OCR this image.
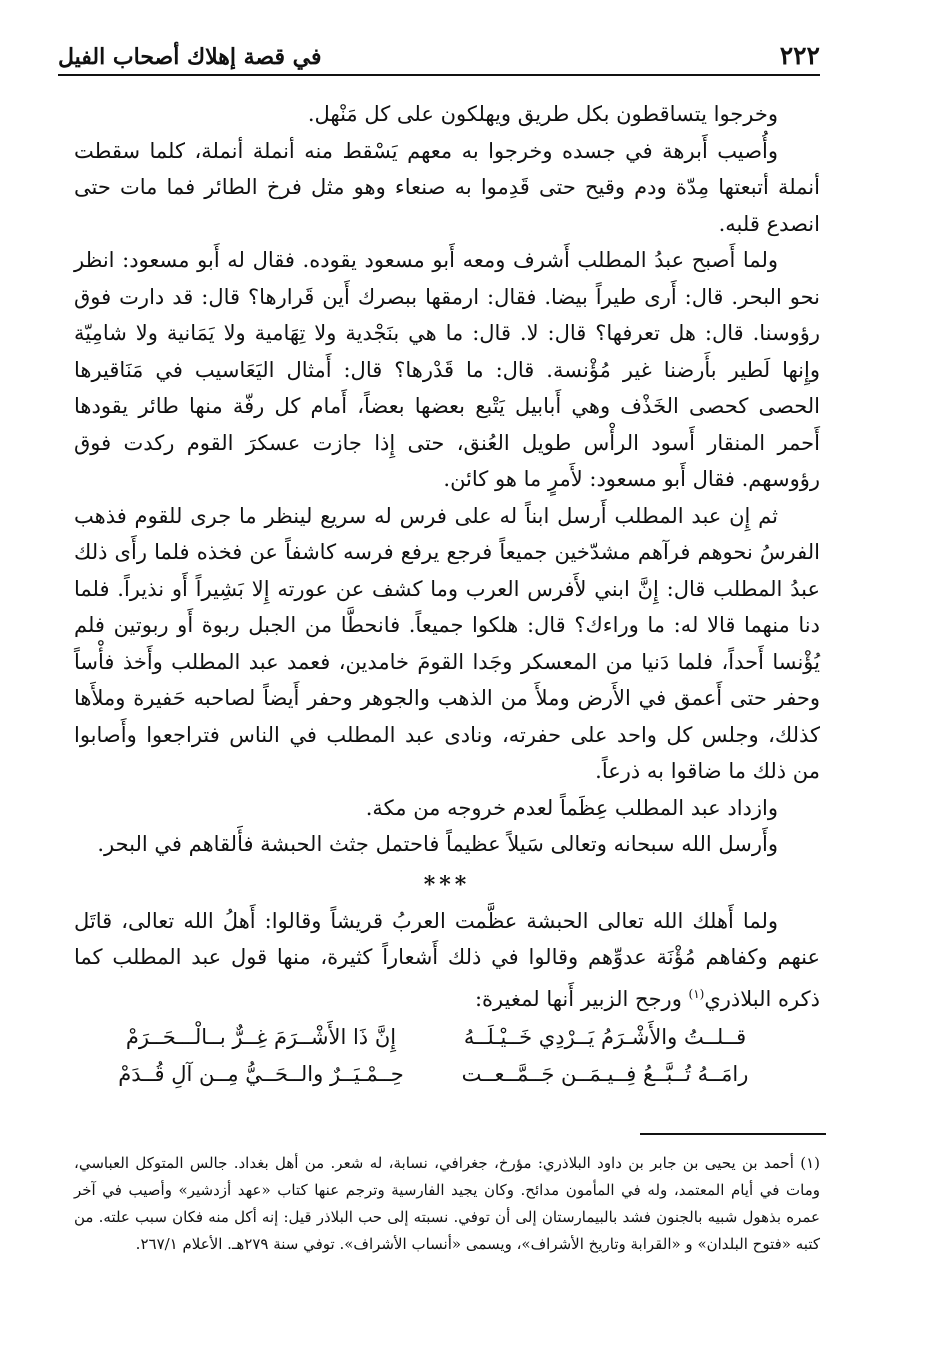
٢٢٢
في قصة إهلاك أصحاب الفيل

وخرجوا يتساقطون بكل طريق ويهلكون على كل مَنْهل.

وأُصيب أَبرهة في جسده وخرجوا به معهم يَسْقط منه أنملة أنملة، كلما سقطت أنملة أتبعتها مِدّة ودم وقيح حتى قَدِموا به صنعاء وهو مثل فرخ الطائر فما مات حتى انصدع قلبه.

ولما أَصبح عبدُ المطلب أَشرف ومعه أَبو مسعود يقوده. فقال له أَبو مسعود: انظر نحو البحر. قال: أَرى طيراً بيضا. فقال: ارمقها ببصرك أَين قَرارها؟ قال: قد دارت فوق رؤوسنا. قال: هل تعرفها؟ قال: لا. قال: ما هي بنَجْدية ولا تِهَامية ولا يَمَانية ولا شامِيّة وإِنها لَطير بأَرضنا غير مُؤْنسة. قال: ما قَدْرها؟ قال: أَمثال اليَعَاسيب في مَنَاقيرها الحصى كحصى الخَذْف وهي أَبابيل يَتْبع بعضها بعضاً، أَمام كل رفّة منها طائر يقودها أَحمر المنقار أَسود الرأْس طويل العُنق، حتى إِذا جازت عسكرَ القوم ركدت فوق رؤوسهم. فقال أَبو مسعود: لأَمرٍ ما هو كائن.

ثم إِن عبد المطلب أَرسل ابناً له على فرس له سريع لينظر ما جرى للقوم فذهب الفرسُ نحوهم فرآهم مشدّخين جميعاً فرجع يرفع فرسه كاشفاً عن فخذه فلما رأَى ذلك عبدُ المطلب قال: إِنَّ ابني لأَفرس العرب وما كشف عن عورته إِلا بَشِيراً أَو نذيراً. فلما دنا منهما قالا له: ما وراءك؟ قال: هلكوا جميعاً. فانحطَّا من الجبل ربوة أَو ربوتين فلم يُؤْنسا أَحداً، فلما دَنيا من المعسكر وجَدا القومَ خامدين، فعمد عبد المطلب وأَخذ فأْساً وحفر حتى أَعمق في الأَرض وملأَ من الذهب والجوهر وحفر أَيضاً لصاحبه حَفيرة وملأَها كذلك، وجلس كل واحد على حفرته، ونادى عبد المطلب في الناس فتراجعوا وأَصابوا من ذلك ما ضاقوا به ذرعاً.

وازداد عبد المطلب عِظَماً لعدم خروجه من مكة.

وأَرسل الله سبحانه وتعالى سَيلاً عظيماً فاحتمل جثث الحبشة فأَلقاهم في البحر.

***

ولما أَهلك الله تعالى الحبشة عظَّمت العربُ قريشاً وقالوا: أَهلُ الله تعالى، قاتَل عنهم وكفاهم مُؤْنَة عدوِّهم وقالوا في ذلك أَشعاراً كثيرة، منها قول عبد المطلب كما ذكره البلاذري$^{(١)}$ ورجح الزبير أَنها لمغيرة:

قــلــتُ والأَشْـرَمُ يَــرْدِي خَــيْـلَــهُ
إِنَّ ذَا الأَشْــرَمَ غِــرٌّ بــالْـــحَــرَمْ
رامَــهُ تُــبَّــعُ فِــيـمَــن جَــمَّــعــت
حِــمْـيَــرٌ والــحَــيُّ مِــن آلِ قُــدَمْ

(١) أحمد بن يحيى بن جابر بن داود البلاذري: مؤرخ، جغرافي، نسابة، له شعر. من أهل بغداد. جالس المتوكل العباسي، ومات في أيام المعتمد، وله في المأمون مدائح. وكان يجيد الفارسية وترجم عنها كتاب «عهد أزدشير» وأصيب في آخر عمره بذهول شبيه بالجنون فشد بالبيمارستان إلى أن توفي. نسبته إلى حب البلاذر قيل: إنه أكل منه فكان سبب علته. من كتبه «فتوح البلدان» و «القرابة وتاريخ الأشراف»، ويسمى «أنساب الأشراف». توفي سنة ٢٧٩هـ. الأعلام ٢٦٧/١.
